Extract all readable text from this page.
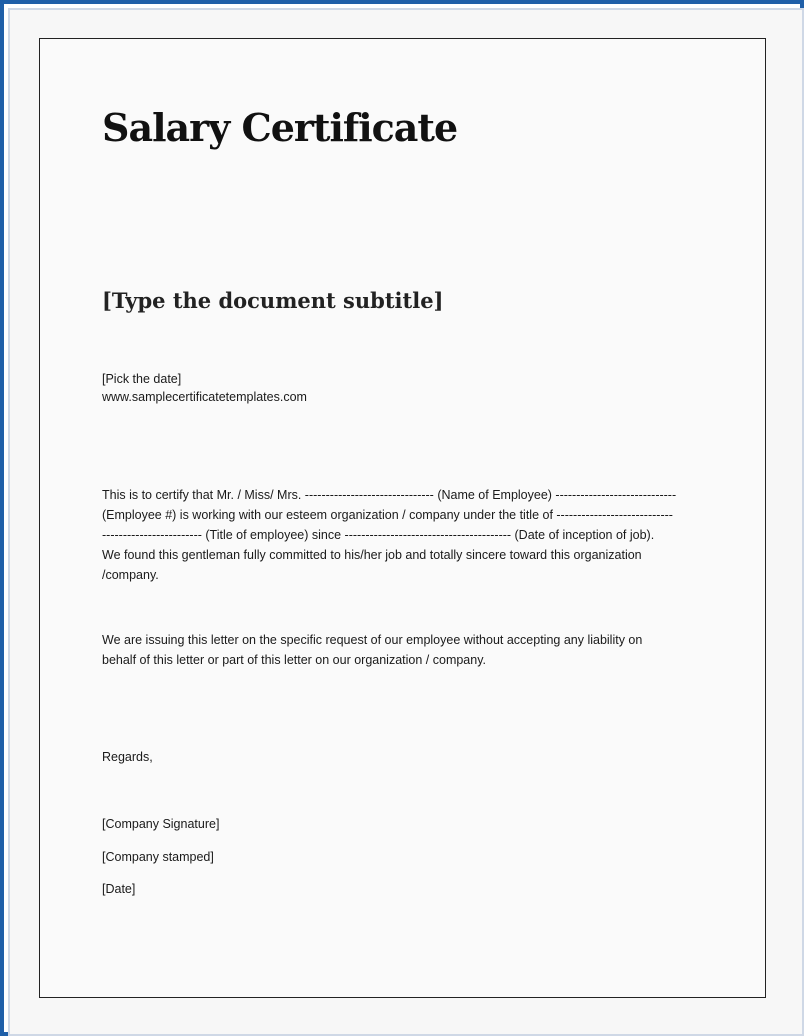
Salary Certificate
[Type the document subtitle]
[Pick the date]
www.samplecertificatetemplates.com
This is to certify that Mr. / Miss/ Mrs. ------------------------------- (Name of Employee) -----------------------------
(Employee #) is working with our esteem organization / company under the title of ----------------------------
------------------------ (Title of employee) since ---------------------------------------- (Date of inception of job).
We found this gentleman fully committed to his/her job and totally sincere toward this organization
/company.
We are issuing this letter on the specific request of our employee without accepting any liability on
behalf of this letter or part of this letter on our organization / company.
Regards,
[Company Signature]
[Company stamped]
[Date]
